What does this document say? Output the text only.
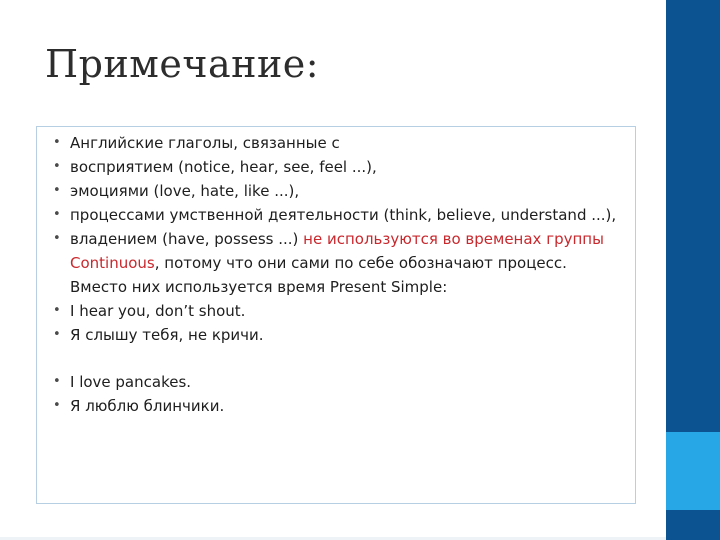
Примечание:
• Английские глаголы, связанные с
• восприятием (notice, hear, see, feel ...),
• эмоциями (love, hate, like ...),
• процессами умственной деятельности (think, believe, understand ...),
• владением (have, possess ...) не используются во временах группы Continuous, потому что они сами по себе обозначают процесс. Вместо них используется время Present Simple:
• I hear you, don’t shout.
• Я слышу тебя, не кричи.
• I love pancakes.
• Я люблю блинчики.
